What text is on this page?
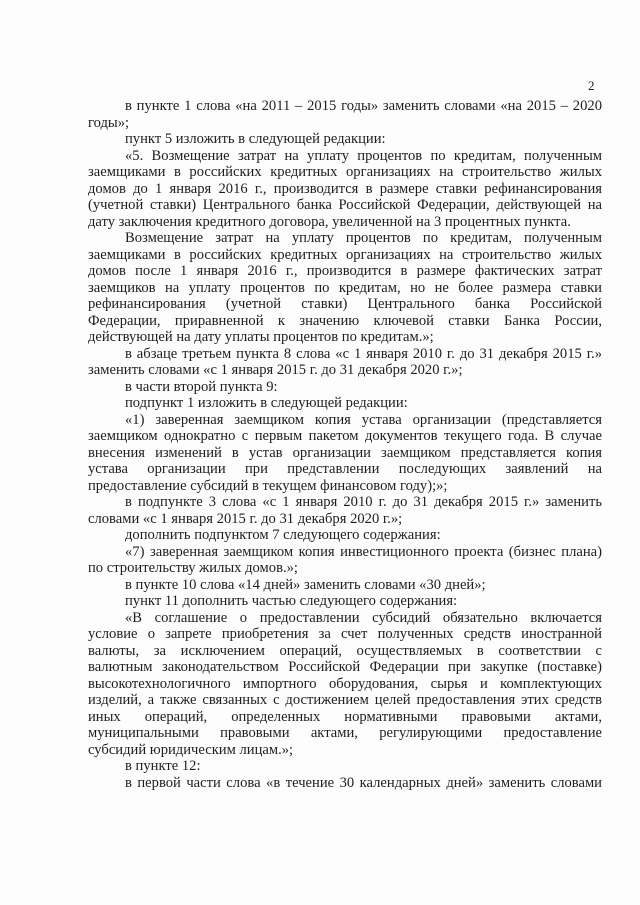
2
в пункте 1 слова «на 2011 – 2015 годы» заменить словами «на 2015 – 2020
годы»;
пункт 5 изложить в следующей редакции:
«5. Возмещение затрат на уплату процентов по кредитам, полученным
заемщиками в российских кредитных организациях на строительство жилых
домов до 1 января 2016 г., производится в размере ставки рефинансирования
(учетной ставки) Центрального банка Российской Федерации, действующей на
дату заключения кредитного договора, увеличенной на 3 процентных пункта.
Возмещение затрат на уплату процентов по кредитам, полученным
заемщиками в российских кредитных организациях на строительство жилых
домов после 1 января 2016 г., производится в размере фактических затрат
заемщиков на уплату процентов по кредитам, но не более размера ставки
рефинансирования (учетной ставки) Центрального банка Российской
Федерации, приравненной к значению ключевой ставки Банка России,
действующей на дату уплаты процентов по кредитам.»;
в абзаце третьем пункта 8 слова «с 1 января 2010 г. до 31 декабря 2015 г.»
заменить словами «с 1 января 2015 г. до 31 декабря 2020 г.»;
в части второй пункта 9:
подпункт 1 изложить в следующей редакции:
«1) заверенная заемщиком копия устава организации (представляется
заемщиком однократно с первым пакетом документов текущего года. В случае
внесения изменений в устав организации заемщиком представляется копия
устава организации при представлении последующих заявлений на
предоставление субсидий в текущем финансовом году);»;
в подпункте 3 слова «с 1 января 2010 г. до 31 декабря 2015 г.» заменить
словами «с 1 января 2015 г. до 31 декабря 2020 г.»;
дополнить подпунктом 7 следующего содержания:
«7) заверенная заемщиком копия инвестиционного проекта (бизнес плана)
по строительству жилых домов.»;
в пункте 10 слова «14 дней» заменить словами «30 дней»;
пункт 11 дополнить частью следующего содержания:
«В соглашение о предоставлении субсидий обязательно включается
условие о запрете приобретения за счет полученных средств иностранной
валюты, за исключением операций, осуществляемых в соответствии с
валютным законодательством Российской Федерации при закупке (поставке)
высокотехнологичного импортного оборудования, сырья и комплектующих
изделий, а также связанных с достижением целей предоставления этих средств
иных операций, определенных нормативными правовыми актами,
муниципальными правовыми актами, регулирующими предоставление
субсидий юридическим лицам.»;
в пункте 12:
в первой части слова «в течение 30 календарных дней» заменить словами
